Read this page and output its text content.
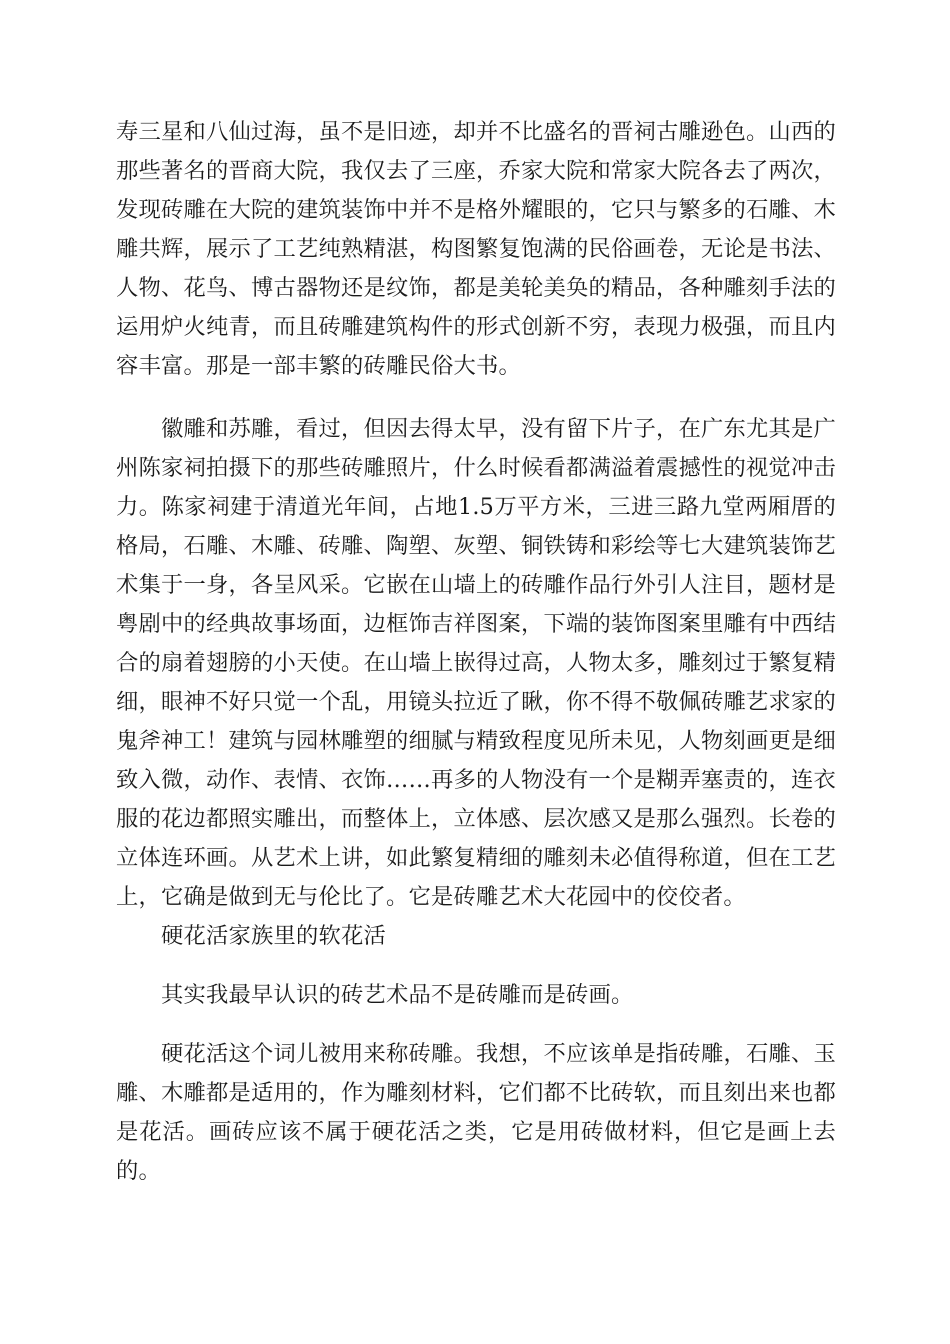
寿三星和八仙过海，虽不是旧迹，却并不比盛名的晋祠古雕逊色。山西的那些著名的晋商大院，我仅去了三座，乔家大院和常家大院各去了两次，发现砖雕在大院的建筑装饰中并不是格外耀眼的，它只与繁多的石雕、木雕共辉，展示了工艺纯熟精湛，构图繁复饱满的民俗画卷，无论是书法、人物、花鸟、博古器物还是纹饰，都是美轮美奂的精品，各种雕刻手法的运用炉火纯青，而且砖雕建筑构件的形式创新不穷，表现力极强，而且内容丰富。那是一部丰繁的砖雕民俗大书。

徽雕和苏雕，看过，但因去得太早，没有留下片子，在广东尤其是广州陈家祠拍摄下的那些砖雕照片，什么时候看都满溢着震撼性的视觉冲击力。陈家祠建于清道光年间，占地1.5万平方米，三进三路九堂两厢厝的格局，石雕、木雕、砖雕、陶塑、灰塑、铜铁铸和彩绘等七大建筑装饰艺术集于一身，各呈风采。它嵌在山墙上的砖雕作品行外引人注目，题材是粤剧中的经典故事场面，边框饰吉祥图案，下端的装饰图案里雕有中西结合的扇着翅膀的小天使。在山墙上嵌得过高，人物太多，雕刻过于繁复精细，眼神不好只觉一个乱，用镜头拉近了瞅，你不得不敬佩砖雕艺求家的鬼斧神工！建筑与园林雕塑的细腻与精致程度见所未见，人物刻画更是细致入微，动作、表情、衣饰……再多的人物没有一个是糊弄塞责的，连衣服的花边都照实雕出，而整体上，立体感、层次感又是那么强烈。长卷的立体连环画。从艺术上讲，如此繁复精细的雕刻未必值得称道，但在工艺上，它确是做到无与伦比了。它是砖雕艺术大花园中的佼佼者。

硬花活家族里的软花活

其实我最早认识的砖艺术品不是砖雕而是砖画。

硬花活这个词儿被用来称砖雕。我想，不应该单是指砖雕，石雕、玉雕、木雕都是适用的，作为雕刻材料，它们都不比砖软，而且刻出来也都是花活。画砖应该不属于硬花活之类，它是用砖做材料，但它是画上去的。
